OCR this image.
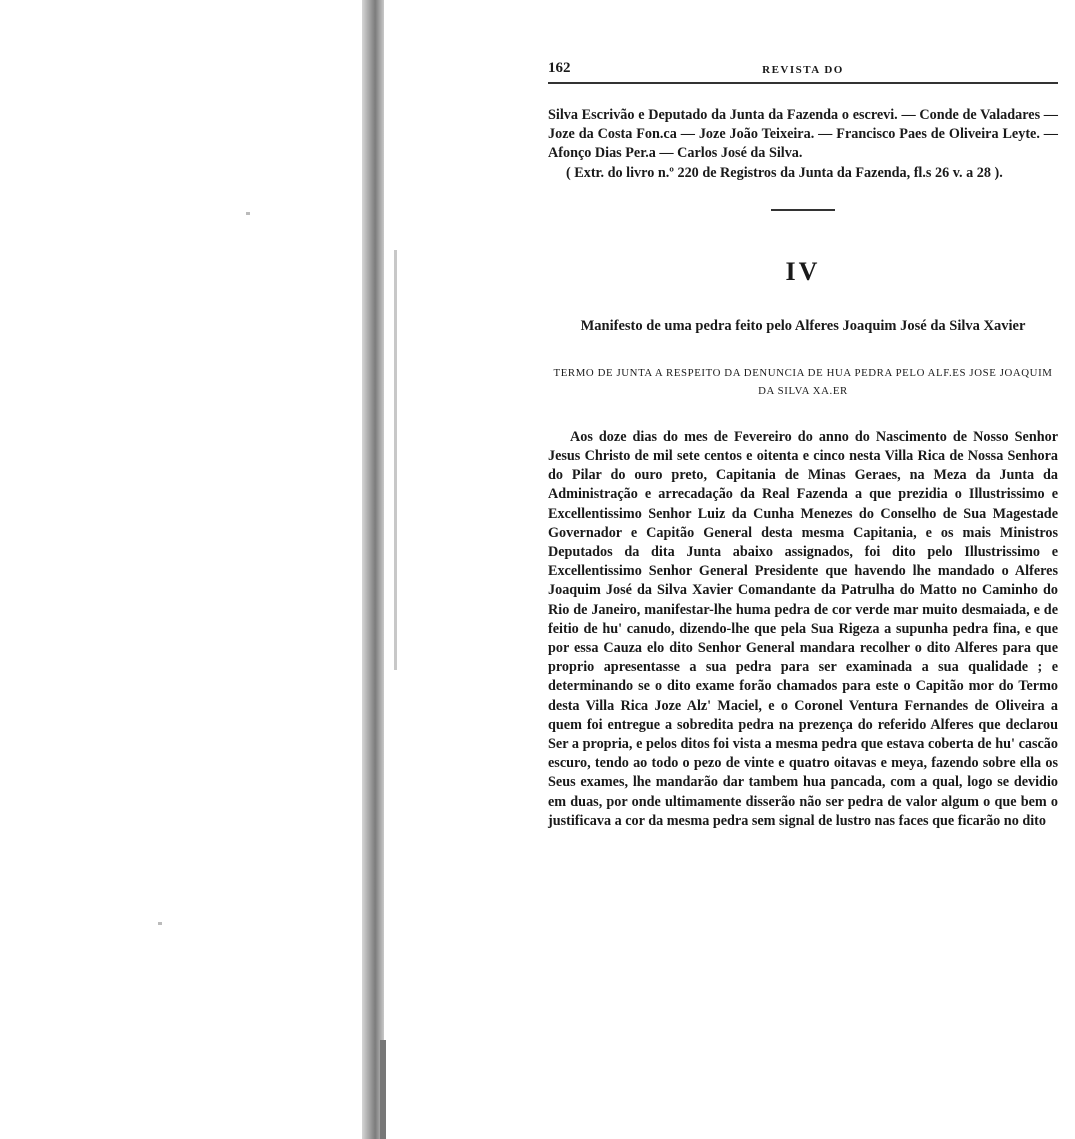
162	REVISTA DO

Silva Escrivão e Deputado da Junta da Fazenda o escrevi. — Conde de Valadares — Joze da Costa Fon.ca — Joze João Teixeira. — Francisco Paes de Oliveira Leyte. — Afonço Dias Per.a — Carlos José da Silva.

( Extr. do livro n.º 220 de Registros da Junta da Fazenda, fl.s 26 v. a 28 ).

IV
Manifesto de uma pedra feito pelo Alferes Joaquim José da Silva Xavier
TERMO DE JUNTA A RESPEITO DA DENUNCIA DE HUA PEDRA PELO ALF.ES JOSE JOAQUIM DA SILVA XA.ER

Aos doze dias do mes de Fevereiro do anno do Nascimento de Nosso Senhor Jesus Christo de mil sete centos e oitenta e cinco nesta Villa Rica de Nossa Senhora do Pilar do ouro preto, Capitania de Minas Geraes, na Meza da Junta da Administração e arrecadação da Real Fazenda a que prezidia o Illustrissimo e Excellentissimo Senhor Luiz da Cunha Menezes do Conselho de Sua Magestade Governador e Capitão General desta mesma Capitania, e os mais Ministros Deputados da dita Junta abaixo assignados, foi dito pelo Illustrissimo e Excellentissimo Senhor General Presidente que havendo lhe mandado o Alferes Joaquim José da Silva Xavier Comandante da Patrulha do Matto no Caminho do Rio de Janeiro, manifestar-lhe huma pedra de cor verde mar muito desmaiada, e de feitio de hu' canudo, dizendo-lhe que pela Sua Rigeza a supunha pedra fina, e que por essa Cauza elo dito Senhor General mandara recolher o dito Alferes para que proprio apresentasse a sua pedra para ser examinada a sua qualidade ; e determinando se o dito exame forão chamados para este o Capitão mor do Termo desta Villa Rica Joze Alz' Maciel, e o Coronel Ventura Fernandes de Oliveira a quem foi entregue a sobredita pedra na prezença do referido Alferes que declarou Ser a propria, e pelos ditos foi vista a mesma pedra que estava coberta de hu' cascão escuro, tendo ao todo o pezo de vinte e quatro oitavas e meya, fazendo sobre ella os Seus exames, lhe mandarão dar tambem hua pancada, com a qual, logo se devidio em duas, por onde ultimamente disserão não ser pedra de valor algum o que bem o justificava a cor da mesma pedra sem signal de lustro nas faces que ficarão no dito
